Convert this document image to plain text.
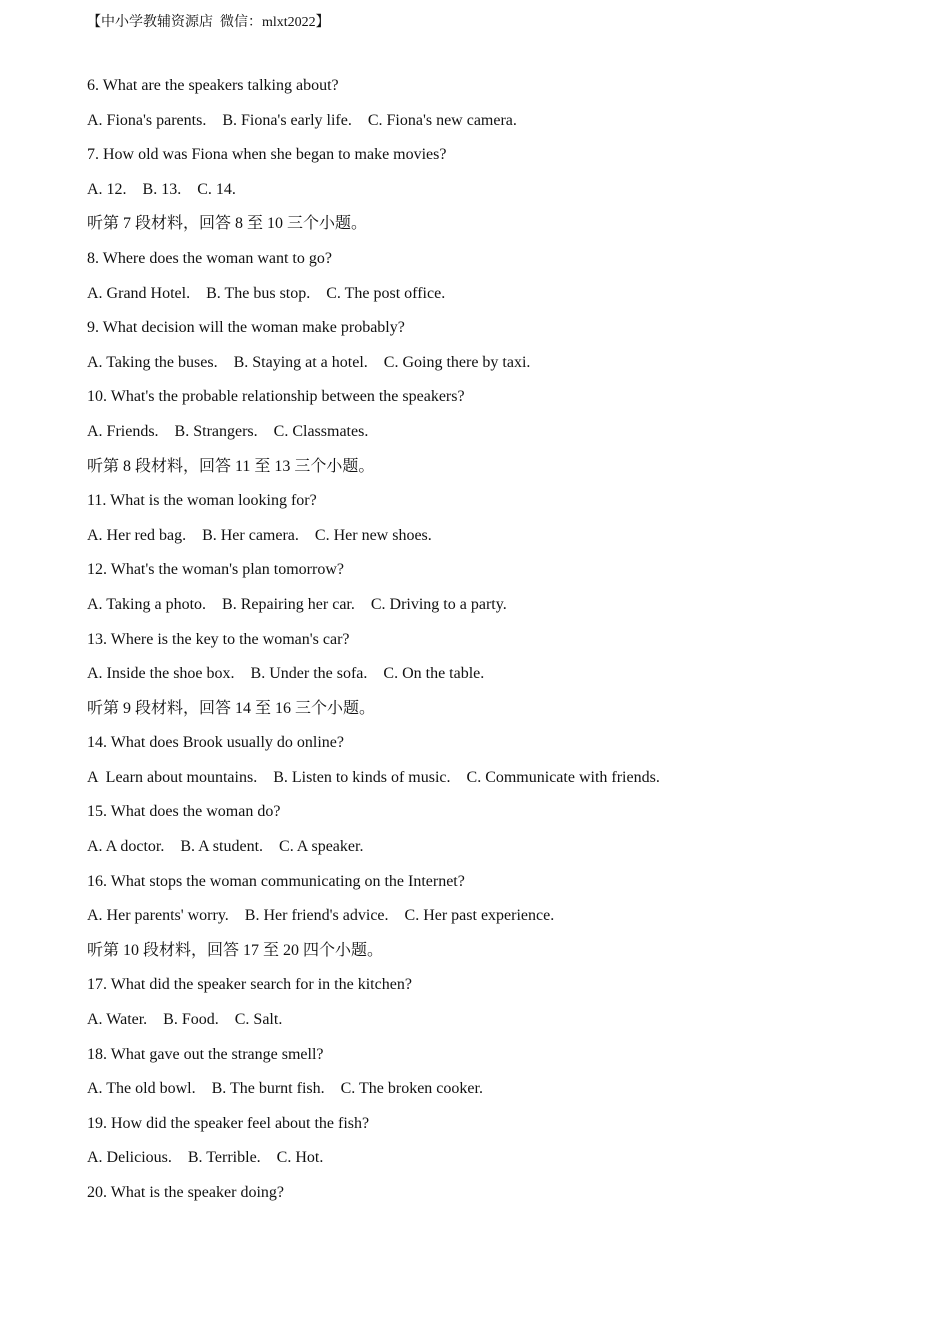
【中小学教辅资源店  微信：mlxt2022】
6. What are the speakers talking about?
A. Fiona's parents.    B. Fiona's early life.    C. Fiona's new camera.
7. How old was Fiona when she began to make movies?
A. 12.    B. 13.    C. 14.
听第 7 段材料，回答 8 至 10 三个小题。
8. Where does the woman want to go?
A. Grand Hotel.    B. The bus stop.    C. The post office.
9. What decision will the woman make probably?
A. Taking the buses.    B. Staying at a hotel.    C. Going there by taxi.
10. What's the probable relationship between the speakers?
A. Friends.    B. Strangers.    C. Classmates.
听第 8 段材料，回答 11 至 13 三个小题。
11. What is the woman looking for?
A. Her red bag.    B. Her camera.    C. Her new shoes.
12. What's the woman's plan tomorrow?
A. Taking a photo.    B. Repairing her car.    C. Driving to a party.
13. Where is the key to the woman's car?
A. Inside the shoe box.    B. Under the sofa.    C. On the table.
听第 9 段材料，回答 14 至 16 三个小题。
14. What does Brook usually do online?
A  Learn about mountains.    B. Listen to kinds of music.    C. Communicate with friends.
15. What does the woman do?
A. A doctor.    B. A student.    C. A speaker.
16. What stops the woman communicating on the Internet?
A. Her parents' worry.    B. Her friend's advice.    C. Her past experience.
听第 10 段材料，回答 17 至 20 四个小题。
17. What did the speaker search for in the kitchen?
A. Water.    B. Food.    C. Salt.
18. What gave out the strange smell?
A. The old bowl.    B. The burnt fish.    C. The broken cooker.
19. How did the speaker feel about the fish?
A. Delicious.    B. Terrible.    C. Hot.
20. What is the speaker doing?
